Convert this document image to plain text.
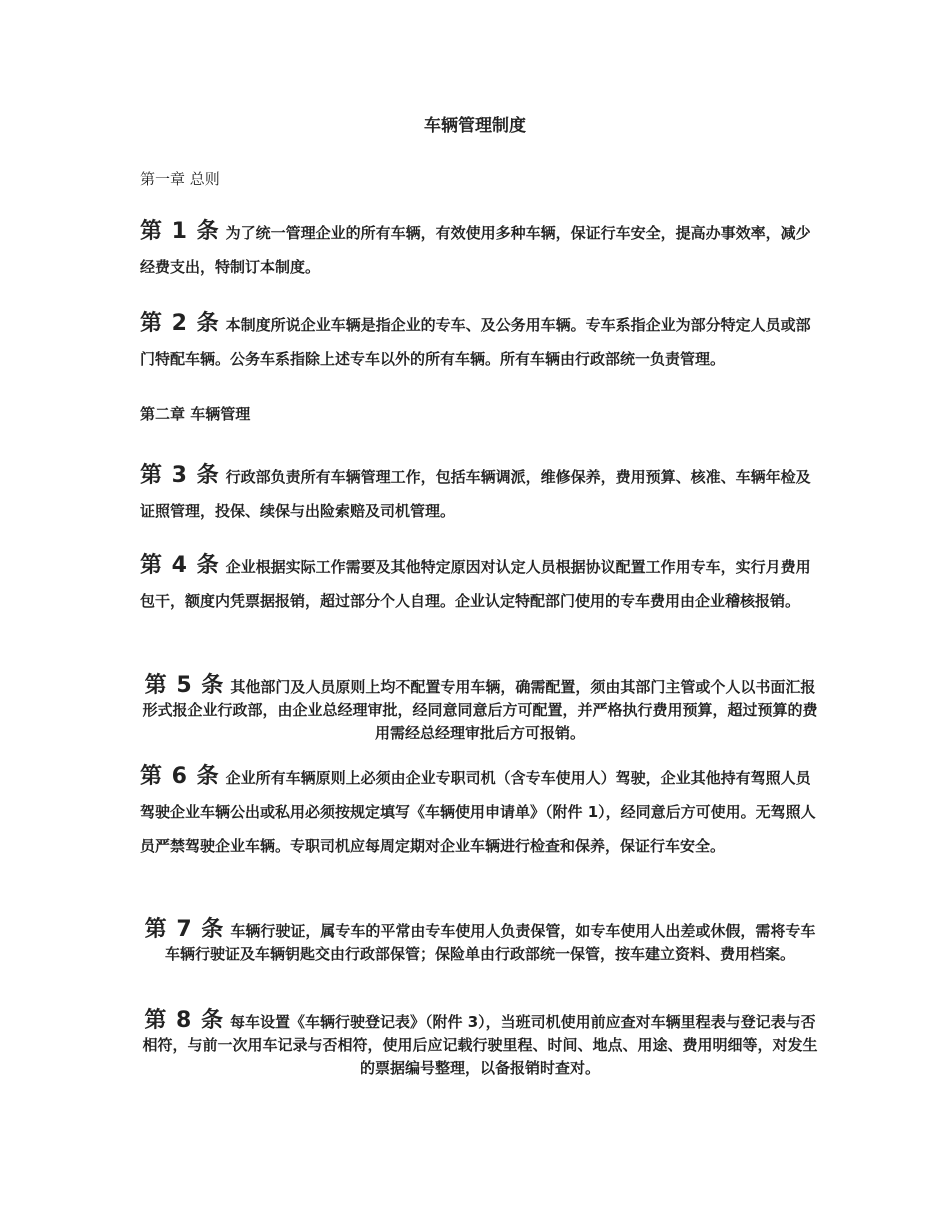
车辆管理制度
第一章 总则
第 1 条 为了统一管理企业的所有车辆，有效使用多种车辆，保证行车安全，提高办事效率，减少经费支出，特制订本制度。
第 2 条 本制度所说企业车辆是指企业的专车、及公务用车辆。专车系指企业为部分特定人员或部门特配车辆。公务车系指除上述专车以外的所有车辆。所有车辆由行政部统一负责管理。
第二章 车辆管理
第 3 条 行政部负责所有车辆管理工作，包括车辆调派，维修保养，费用预算、核准、车辆年检及证照管理，投保、续保与出险索赔及司机管理。
第 4 条 企业根据实际工作需要及其他特定原因对认定人员根据协议配置工作用专车，实行月费用包干，额度内凭票据报销，超过部分个人自理。企业认定特配部门使用的专车费用由企业稽核报销。
第 5 条 其他部门及人员原则上均不配置专用车辆，确需配置，须由其部门主管或个人以书面汇报形式报企业行政部，由企业总经理审批，经同意同意后方可配置，并严格执行费用预算，超过预算的费用需经总经理审批后方可报销。
第 6 条 企业所有车辆原则上必须由企业专职司机（含专车使用人）驾驶，企业其他持有驾照人员驾驶企业车辆公出或私用必须按规定填写《车辆使用申请单》（附件 1），经同意后方可使用。无驾照人员严禁驾驶企业车辆。专职司机应每周定期对企业车辆进行检查和保养，保证行车安全。
第 7 条 车辆行驶证，属专车的平常由专车使用人负责保管，如专车使用人出差或休假，需将专车车辆行驶证及车辆钥匙交由行政部保管；保险单由行政部统一保管，按车建立资料、费用档案。
第 8 条 每车设置《车辆行驶登记表》（附件 3），当班司机使用前应查对车辆里程表与登记表与否相符，与前一次用车记录与否相符，使用后应记载行驶里程、时间、地点、用途、费用明细等，对发生的票据编号整理，以备报销时查对。
